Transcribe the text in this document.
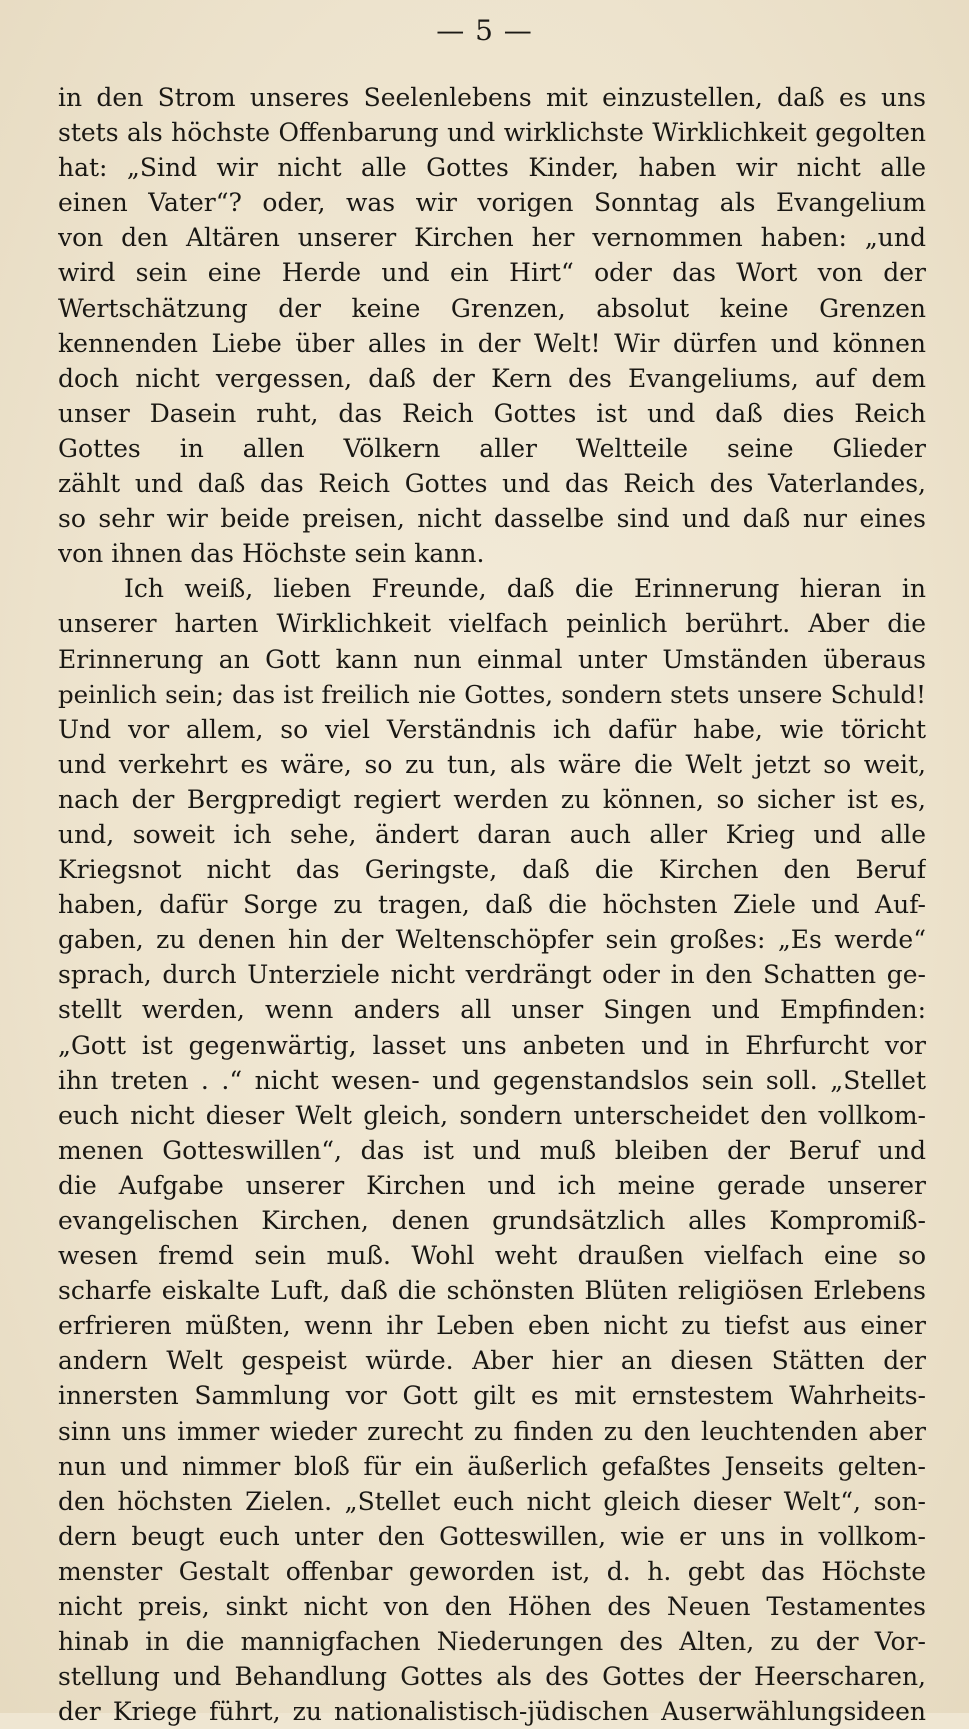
— 5 —
in den Strom unseres Seelenlebens mit einzustellen, daß es uns
stets als höchste Offenbarung und wirklichste Wirklichkeit gegolten
hat: „Sind wir nicht alle Gottes Kinder, haben wir nicht alle
einen Vater“? oder, was wir vorigen Sonntag als Evangelium
von den Altären unserer Kirchen her vernommen haben: „und
wird sein eine Herde und ein Hirt“ oder das Wort von der
Wertschätzung der keine Grenzen, absolut keine Grenzen
kennenden Liebe über alles in der Welt! Wir dürfen und können
doch nicht vergessen, daß der Kern des Evangeliums, auf dem
unser Dasein ruht, das Reich Gottes ist und daß dies Reich
Gottes in allen Völkern aller Weltteile seine Glieder
zählt und daß das Reich Gottes und das Reich des Vaterlandes,
so sehr wir beide preisen, nicht dasselbe sind und daß nur eines
von ihnen das Höchste sein kann.
Ich weiß, lieben Freunde, daß die Erinnerung hieran in
unserer harten Wirklichkeit vielfach peinlich berührt. Aber die
Erinnerung an Gott kann nun einmal unter Umständen überaus
peinlich sein; das ist freilich nie Gottes, sondern stets unsere Schuld!
Und vor allem, so viel Verständnis ich dafür habe, wie töricht
und verkehrt es wäre, so zu tun, als wäre die Welt jetzt so weit,
nach der Bergpredigt regiert werden zu können, so sicher ist es,
und, soweit ich sehe, ändert daran auch aller Krieg und alle
Kriegsnot nicht das Geringste, daß die Kirchen den Beruf
haben, dafür Sorge zu tragen, daß die höchsten Ziele und Auf-
gaben, zu denen hin der Weltenschöpfer sein großes: „Es werde“
sprach, durch Unterziele nicht verdrängt oder in den Schatten ge-
stellt werden, wenn anders all unser Singen und Empfinden:
„Gott ist gegenwärtig, lasset uns anbeten und in Ehrfurcht vor
ihn treten . .“ nicht wesen- und gegenstandslos sein soll. „Stellet
euch nicht dieser Welt gleich, sondern unterscheidet den vollkom-
menen Gotteswillen“, das ist und muß bleiben der Beruf und
die Aufgabe unserer Kirchen und ich meine gerade unserer
evangelischen Kirchen, denen grundsätzlich alles Kompromiß-
wesen fremd sein muß. Wohl weht draußen vielfach eine so
scharfe eiskalte Luft, daß die schönsten Blüten religiösen Erlebens
erfrieren müßten, wenn ihr Leben eben nicht zu tiefst aus einer
andern Welt gespeist würde. Aber hier an diesen Stätten der
innersten Sammlung vor Gott gilt es mit ernstestem Wahrheits-
sinn uns immer wieder zurecht zu finden zu den leuchtenden aber
nun und nimmer bloß für ein äußerlich gefaßtes Jenseits gelten-
den höchsten Zielen. „Stellet euch nicht gleich dieser Welt“, son-
dern beugt euch unter den Gotteswillen, wie er uns in vollkom-
menster Gestalt offenbar geworden ist, d. h. gebt das Höchste
nicht preis, sinkt nicht von den Höhen des Neuen Testamentes
hinab in die mannigfachen Niederungen des Alten, zu der Vor-
stellung und Behandlung Gottes als des Gottes der Heerscharen,
der Kriege führt, zu nationalistisch-jüdischen Auserwählungsideen
